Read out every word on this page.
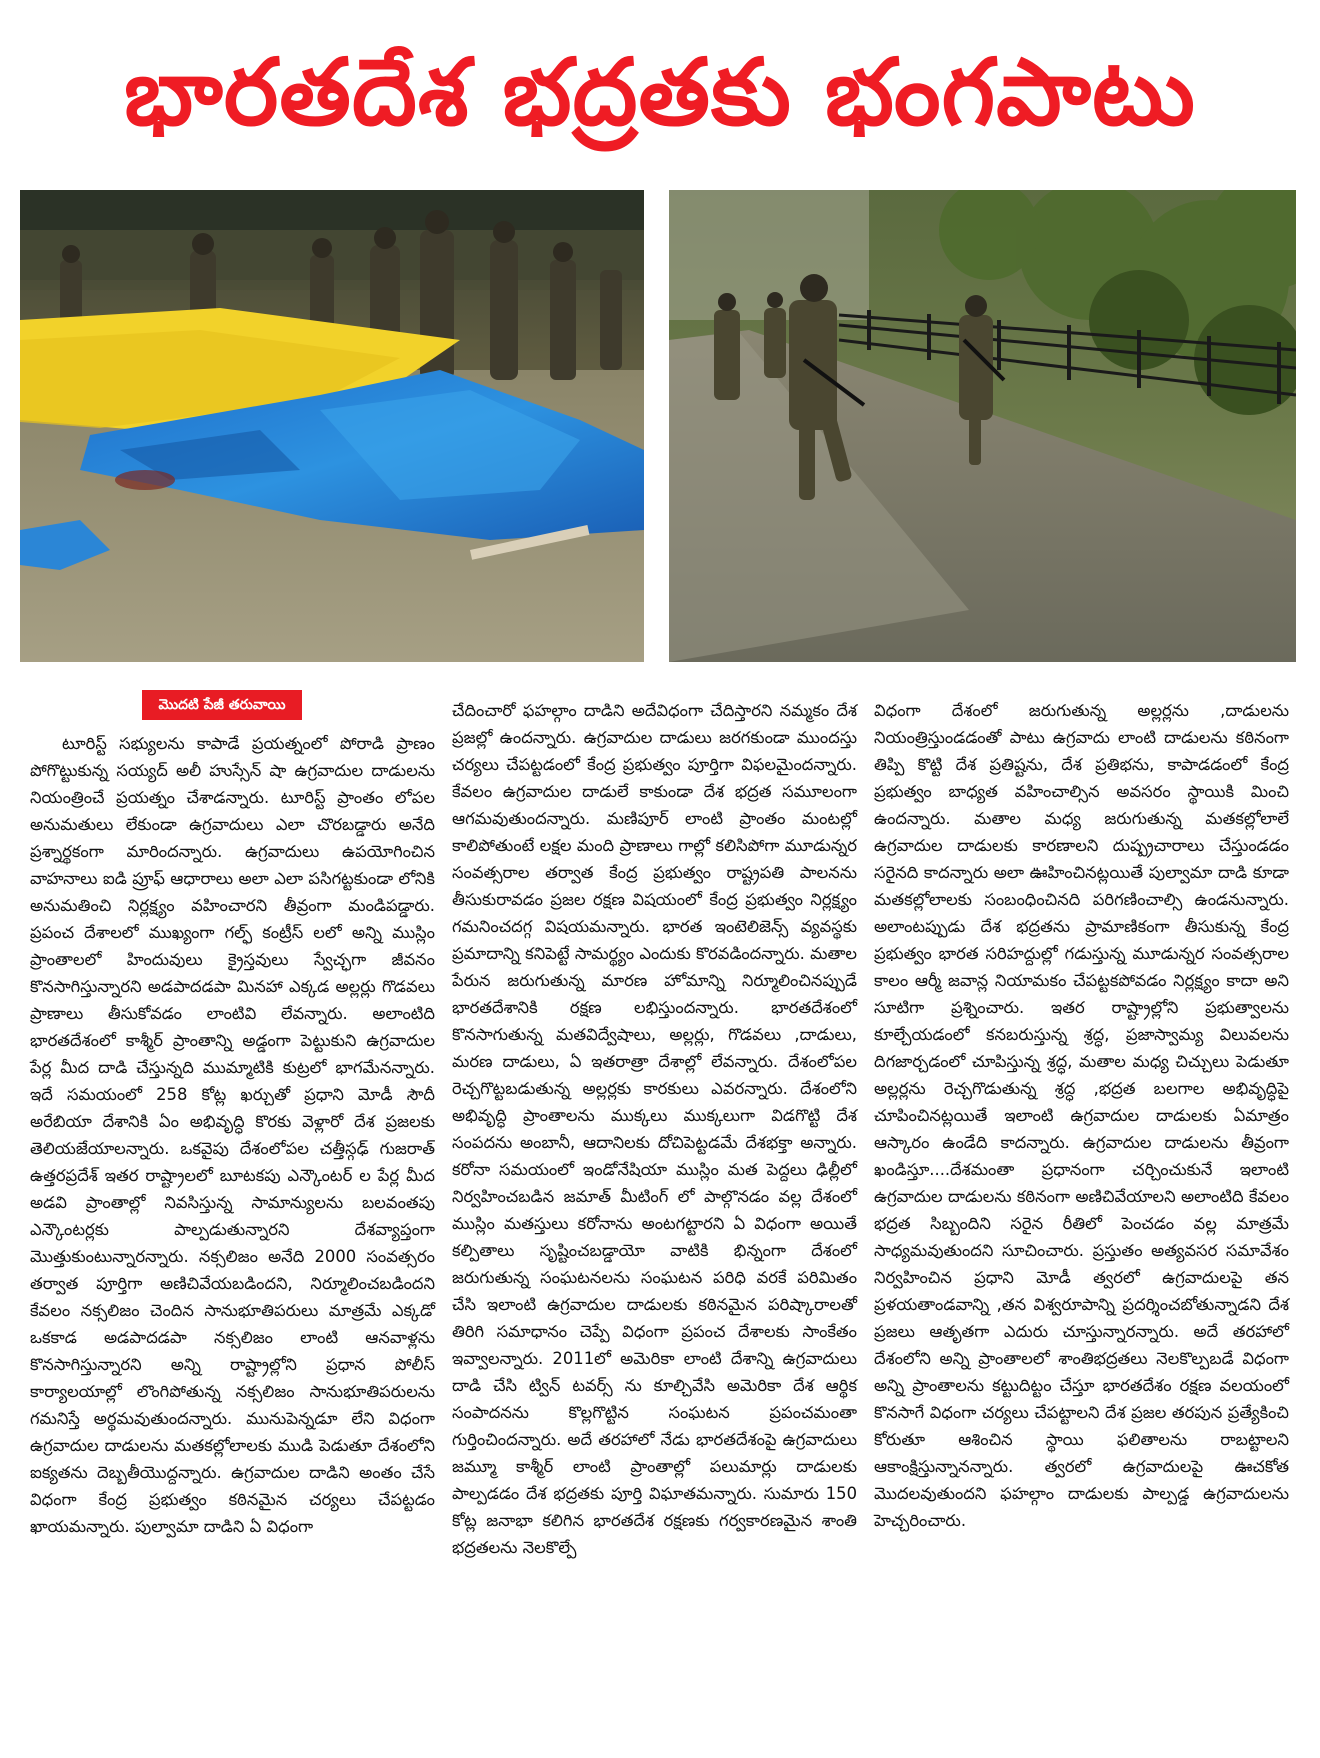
భారతదేశ భద్రతకు భంగపాటు
మొదటి పేజీ తరువాయి

టూరిస్ట్ సభ్యులను కాపాడే ప్రయత్నంలో పోరాడి ప్రాణం పోగొట్టుకున్న సయ్యద్ అలీ హుస్సేన్ షా ఉగ్రవాదుల దాడులను నియంత్రించే ప్రయత్నం చేశాడన్నారు. టూరిస్ట్ ప్రాంతం లోపల అనుమతులు లేకుండా ఉగ్రవాదులు ఎలా చొరబడ్డారు అనేది ప్రశ్నార్థకంగా మారిందన్నారు. ఉగ్రవాదులు ఉపయోగించిన వాహనాలు ఐడి ప్రూఫ్ ఆధారాలు అలా ఎలా పసిగట్టకుండా లోనికి అనుమతించి నిర్లక్ష్యం వహించారని తీవ్రంగా మండిపడ్డారు. ప్రపంచ దేశాలలో ముఖ్యంగా గల్ఫ్ కంట్రీస్ లలో అన్ని ముస్లిం ప్రాంతాలలో హిందువులు క్రైస్తవులు స్వేచ్ఛగా జీవనం కొనసాగిస్తున్నారని అడపాదడపా మినహా ఎక్కడ అల్లర్లు గొడవలు ప్రాణాలు తీసుకోవడం లాంటివి లేవన్నారు. అలాంటిది భారతదేశంలో కాశ్మీర్ ప్రాంతాన్ని అడ్డంగా పెట్టుకుని ఉగ్రవాదుల పేర్ల మీద దాడి చేస్తున్నది ముమ్మాటికి కుట్రలో భాగమేనన్నారు. ఇదే సమయంలో 258 కోట్ల ఖర్చుతో ప్రధాని మోడీ సౌదీ అరేబియా దేశానికి ఏం అభివృద్ధి కొరకు వెళ్లారో దేశ ప్రజలకు తెలియజేయాలన్నారు. ఒకవైపు దేశంలోపల చత్తీస్గఢ్ గుజరాత్ ఉత్తరప్రదేశ్ ఇతర రాష్ట్రాలలో బూటకపు ఎన్కౌంటర్ ల పేర్ల మీద అడవి ప్రాంతాల్లో నివసిస్తున్న సామాన్యులను బలవంతపు ఎన్కౌంటర్లకు పాల్పడుతున్నారని దేశవ్యాప్తంగా మొత్తుకుంటున్నారన్నారు. నక్సలిజం అనేది 2000 సంవత్సరం తర్వాత పూర్తిగా అణిచివేయబడిందని, నిర్మూలించబడిందని కేవలం నక్సలిజం చెందిన సానుభూతిపరులు మాత్రమే ఎక్కడో ఒకకాడ అడపాదడపా నక్సలిజం లాంటి ఆనవాళ్లను కొనసాగిస్తున్నారని అన్ని రాష్ట్రాల్లోని ప్రధాన పోలీస్ కార్యాలయాల్లో లొంగిపోతున్న నక్సలిజం సానుభూతిపరులను గమనిస్తే అర్థమవుతుందన్నారు. మునుపెన్నడూ లేని విధంగా ఉగ్రవాదుల దాడులను మతకల్లోలాలకు ముడి పెడుతూ దేశంలోని ఐక్యతను దెబ్బతీయొద్దన్నారు. ఉగ్రవాదుల దాడిని అంతం చేసే విధంగా కేంద్ర ప్రభుత్వం కఠినమైన చర్యలు చేపట్టడం ఖాయమన్నారు. పుల్వామా దాడిని ఏ విధంగా

చేదించారో ఫహల్గాం దాడిని అదేవిధంగా చేదిస్తారని నమ్మకం దేశ ప్రజల్లో ఉందన్నారు. ఉగ్రవాదుల దాడులు జరగకుండా ముందస్తు చర్యలు చేపట్టడంలో కేంద్ర ప్రభుత్వం పూర్తిగా విఫలమైందన్నారు. కేవలం ఉగ్రవాదుల దాడులే కాకుండా దేశ భద్రత సమూలంగా ఆగమవుతుందన్నారు. మణిపూర్ లాంటి ప్రాంతం మంటల్లో కాలిపోతుంటే లక్షల మంది ప్రాణాలు గాల్లో కలిసిపోగా మూడున్నర సంవత్సరాల తర్వాత కేంద్ర ప్రభుత్వం రాష్ట్రపతి పాలనను తీసుకురావడం ప్రజల రక్షణ విషయంలో కేంద్ర ప్రభుత్వం నిర్లక్ష్యం గమనించదగ్గ విషయమన్నారు. భారత ఇంటెలిజెన్స్ వ్యవస్థకు ప్రమాదాన్ని కనిపెట్టే సామర్థ్యం ఎందుకు కొరవడిందన్నారు. మతాల పేరున జరుగుతున్న మారణ హోమాన్ని నిర్మూలించినప్పుడే భారతదేశానికి రక్షణ లభిస్తుందన్నారు. భారతదేశంలో కొనసాగుతున్న మతవిద్వేషాలు, అల్లర్లు, గొడవలు ,దాడులు, మరణ దాడులు, ఏ ఇతరాత్రా దేశాల్లో లేవన్నారు. దేశంలోపల రెచ్చగొట్టబడుతున్న అల్లర్లకు కారకులు ఎవరన్నారు. దేశంలోని అభివృద్ధి ప్రాంతాలను ముక్కలు ముక్కలుగా విడగొట్టి దేశ సంపదను అంబానీ, ఆదానిలకు దోచిపెట్టడమే దేశభక్తా అన్నారు. కరోనా సమయంలో ఇండోనేషియా ముస్లిం మత పెద్దలు ఢిల్లీలో నిర్వహించబడిన జమాత్ మీటింగ్ లో పాల్గొనడం వల్ల దేశంలో ముస్లిం మతస్తులు కరోనాను అంటగట్టారని ఏ విధంగా అయితే కల్పితాలు సృష్టించబడ్డాయో వాటికి భిన్నంగా దేశంలో జరుగుతున్న సంఘటనలను సంఘటన పరిధి వరకే పరిమితం చేసి ఇలాంటి ఉగ్రవాదుల దాడులకు కఠినమైన పరిష్కారాలతో తిరిగి సమాధానం చెప్పే విధంగా ప్రపంచ దేశాలకు సాంకేతం ఇవ్వాలన్నారు. 2011లో అమెరికా లాంటి దేశాన్ని ఉగ్రవాదులు దాడి చేసి ట్విన్ టవర్స్ ను కూల్చివేసి అమెరికా దేశ ఆర్థిక సంపాదనను కొల్లగొట్టిన సంఘటన ప్రపంచమంతా గుర్తించిందన్నారు. అదే తరహాలో నేడు భారతదేశంపై ఉగ్రవాదులు జమ్మూ కాశ్మీర్ లాంటి ప్రాంతాల్లో పలుమార్లు దాడులకు పాల్పడడం దేశ భద్రతకు పూర్తి విఘాతమన్నారు. సుమారు 150 కోట్ల జనాభా కలిగిన భారతదేశ రక్షణకు గర్వకారణమైన శాంతి భద్రతలను నెలకొల్పే

విధంగా దేశంలో జరుగుతున్న అల్లర్లను ,దాడులను నియంత్రిస్తుండడంతో పాటు ఉగ్రవాదు లాంటి దాడులను కఠినంగా తిప్పి కొట్టి దేశ ప్రతిష్టను, దేశ ప్రతిభను, కాపాడడంలో కేంద్ర ప్రభుత్వం బాధ్యత వహించాల్సిన అవసరం స్థాయికి మించి ఉందన్నారు. మతాల మధ్య జరుగుతున్న మతకల్లోలాలే ఉగ్రవాదుల దాడులకు కారణాలని దుష్ప్రచారాలు చేస్తుండడం సరైనది కాదన్నారు అలా ఊహించినట్లయితే పుల్వామా దాడి కూడా మతకల్లోలాలకు సంబంధించినది పరిగణించాల్సి ఉండనున్నారు. అలాంటప్పుడు దేశ భద్రతను ప్రామాణికంగా తీసుకున్న కేంద్ర ప్రభుత్వం భారత సరిహద్దుల్లో గడుస్తున్న మూడున్నర సంవత్సరాల కాలం ఆర్మీ జవాన్ల నియామకం చేపట్టకపోవడం నిర్లక్ష్యం కాదా అని సూటిగా ప్రశ్నించారు. ఇతర రాష్ట్రాల్లోని ప్రభుత్వాలను కూల్చేయడంలో కనబరుస్తున్న శ్రద్ధ, ప్రజాస్వామ్య విలువలను దిగజార్చడంలో చూపిస్తున్న శ్రద్ధ, మతాల మధ్య చిచ్చులు పెడుతూ అల్లర్లను రెచ్చగొడుతున్న శ్రద్ధ ,భద్రత బలగాల అభివృద్ధిపై చూపించినట్లయితే ఇలాంటి ఉగ్రవాదుల దాడులకు ఏమాత్రం ఆస్కారం ఉండేది కాదన్నారు. ఉగ్రవాదుల దాడులను తీవ్రంగా ఖండిస్తూ....దేశమంతా ప్రధానంగా చర్చించుకునే ఇలాంటి ఉగ్రవాదుల దాడులను కఠినంగా అణిచివేయాలని అలాంటిది కేవలం భద్రత సిబ్బందిని సరైన రీతిలో పెంచడం వల్ల మాత్రమే సాధ్యమవుతుందని సూచించారు. ప్రస్తుతం అత్యవసర సమావేశం నిర్వహించిన ప్రధాని మోడీ త్వరలో ఉగ్రవాదులపై తన ప్రళయతాండవాన్ని ,తన విశ్వరూపాన్ని ప్రదర్శించబోతున్నాడని దేశ ప్రజలు ఆతృతగా ఎదురు చూస్తున్నారన్నారు. అదే తరహాలో దేశంలోని అన్ని ప్రాంతాలలో శాంతిభద్రతలు నెలకొల్పబడే విధంగా అన్ని ప్రాంతాలను కట్టుదిట్టం చేస్తూ భారతదేశం రక్షణ వలయంలో కొనసాగే విధంగా చర్యలు చేపట్టాలని దేశ ప్రజల తరపున ప్రత్యేకించి కోరుతూ ఆశించిన స్థాయి ఫలితాలను రాబట్టాలని ఆకాంక్షిస్తున్నానన్నారు. త్వరలో ఉగ్రవాదులపై ఊచకోత మొదలవుతుందని ఫహల్గాం దాడులకు పాల్పడ్డ ఉగ్రవాదులను హెచ్చరించారు.
